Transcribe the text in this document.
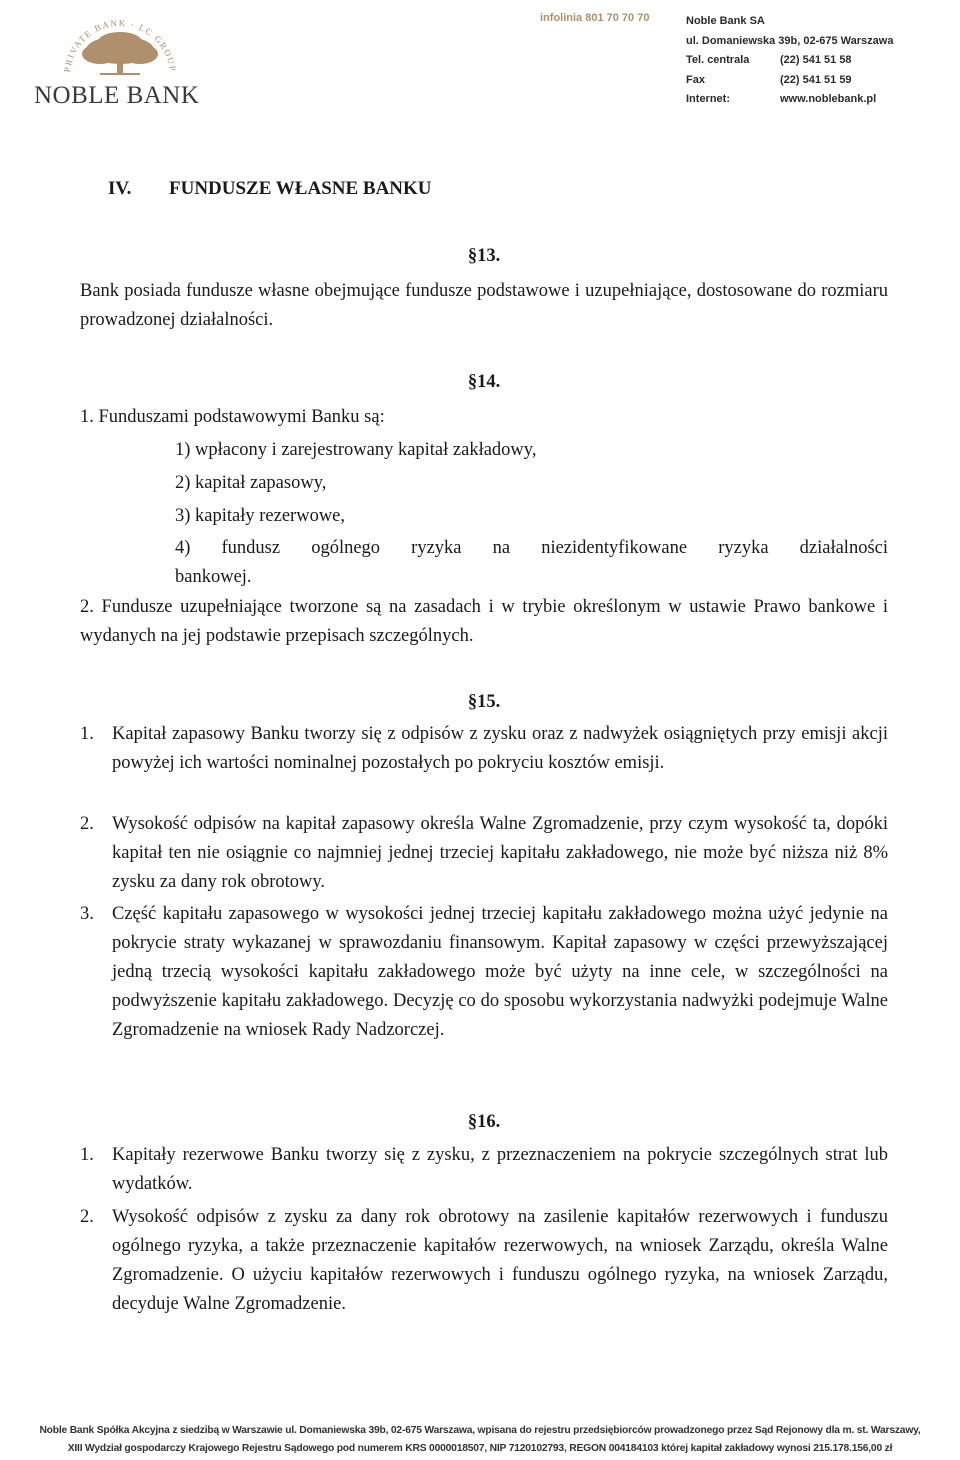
PRIVATE BANK · LC GROUP
NOBLE BANK
infolinia 801 70 70 70	Noble Bank SA
ul. Domaniewska 39b, 02-675 Warszawa
Tel. centrala	(22) 541 51 58
Fax	(22) 541 51 59
Internet:	www.noblebank.pl
IV. FUNDUSZE WŁASNE BANKU
§13.
Bank posiada fundusze własne obejmujące fundusze podstawowe i uzupełniające, dostosowane do rozmiaru prowadzonej działalności.
§14.
1. Funduszami podstawowymi Banku są:
1) wpłacony i zarejestrowany kapitał zakładowy,
2) kapitał zapasowy,
3) kapitały rezerwowe,
4) fundusz ogólnego ryzyka na niezidentyfikowane ryzyka działalności
bankowej.
2. Fundusze uzupełniające tworzone są na zasadach i w trybie określonym w ustawie Prawo bankowe i wydanych na jej podstawie przepisach szczególnych.
§15.
1. Kapitał zapasowy Banku tworzy się z odpisów z zysku oraz z nadwyżek osiągniętych przy emisji akcji powyżej ich wartości nominalnej pozostałych po pokryciu kosztów emisji.
2. Wysokość odpisów na kapitał zapasowy określa Walne Zgromadzenie, przy czym wysokość ta, dopóki kapitał ten nie osiągnie co najmniej jednej trzeciej kapitału zakładowego, nie może być niższa niż 8% zysku za dany rok obrotowy.
3. Część kapitału zapasowego w wysokości jednej trzeciej kapitału zakładowego można użyć jedynie na pokrycie straty wykazanej w sprawozdaniu finansowym. Kapitał zapasowy w części przewyższającej jedną trzecią wysokości kapitału zakładowego może być użyty na inne cele, w szczególności na podwyższenie kapitału zakładowego. Decyzję co do sposobu wykorzystania nadwyżki podejmuje Walne Zgromadzenie na wniosek Rady Nadzorczej.
§16.
1. Kapitały rezerwowe Banku tworzy się z zysku, z przeznaczeniem na pokrycie szczególnych strat lub wydatków.
2. Wysokość odpisów z zysku za dany rok obrotowy na zasilenie kapitałów rezerwowych i funduszu ogólnego ryzyka, a także przeznaczenie kapitałów rezerwowych, na wniosek Zarządu, określa Walne Zgromadzenie. O użyciu kapitałów rezerwowych i funduszu ogólnego ryzyka, na wniosek Zarządu, decyduje Walne Zgromadzenie.
Noble Bank Spółka Akcyjna z siedzibą w Warszawie ul. Domaniewska 39b, 02-675 Warszawa, wpisana do rejestru przedsiębiorców prowadzonego przez Sąd Rejonowy dla m. st. Warszawy,
XIII Wydział gospodarczy Krajowego Rejestru Sądowego pod numerem KRS 0000018507, NIP 7120102793, REGON 004184103 której kapitał zakładowy wynosi 215.178.156,00 zł
